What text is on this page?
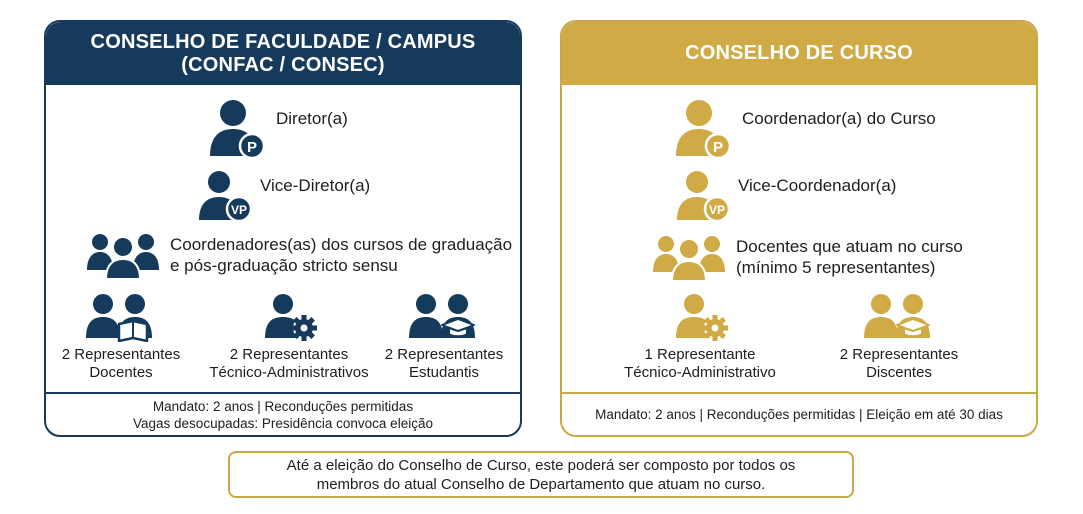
CONSELHO DE FACULDADE / CAMPUS
(CONFAC / CONSEC)
P
Diretor(a)
VP
Vice-Diretor(a)
Coordenadores(as) dos cursos de graduação
e pós-graduação stricto sensu
2 Representantes
Docentes
2 Representantes
Técnico-Administrativos
2 Representantes
Estudantis
Mandato: 2 anos | Reconduções permitidas
Vagas desocupadas: Presidência convoca eleição
CONSELHO DE CURSO
P
Coordenador(a) do Curso
VP
Vice-Coordenador(a)
Docentes que atuam no curso
(mínimo 5 representantes)
1 Representante
Técnico-Administrativo
2 Representantes
Discentes
Mandato: 2 anos | Reconduções permitidas | Eleição em até 30 dias
Até a eleição do Conselho de Curso, este poderá ser composto por todos os
membros do atual Conselho de Departamento que atuam no curso.
